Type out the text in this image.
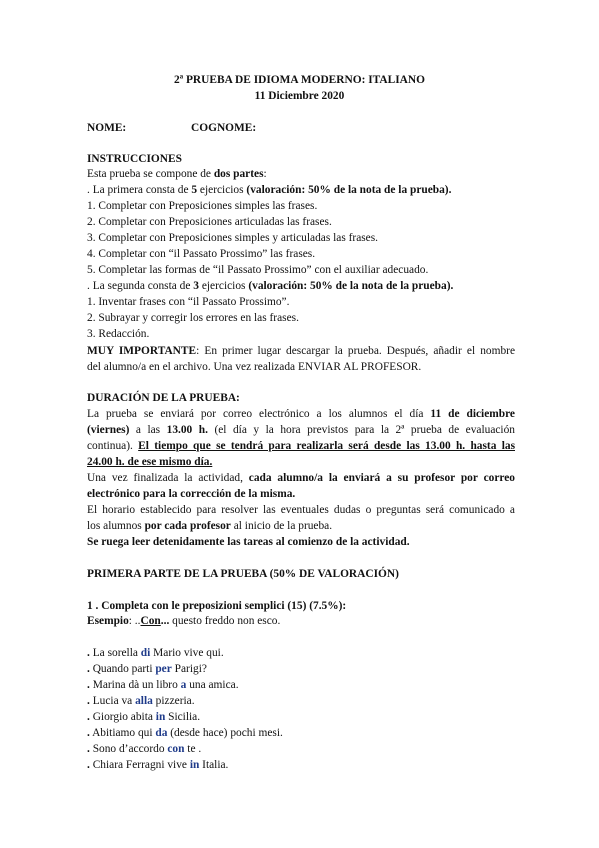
2ª PRUEBA DE IDIOMA MODERNO: ITALIANO
11 Diciembre 2020
NOME:	COGNOME:
INSTRUCCIONES
Esta prueba se compone de dos partes:
. La primera consta de 5 ejercicios (valoración: 50% de la nota de la prueba).
1. Completar con Preposiciones simples las frases.
2. Completar con Preposiciones articuladas las frases.
3. Completar con Preposiciones simples y articuladas las frases.
4. Completar con “il Passato Prossimo” las frases.
5. Completar las formas de “il Passato Prossimo” con el auxiliar adecuado.
. La segunda consta de 3 ejercicios (valoración: 50% de la nota de la prueba).
1. Inventar frases con “il Passato Prossimo”.
2. Subrayar y corregir los errores en las frases.
3. Redacción.
MUY IMPORTANTE: En primer lugar descargar la prueba. Después, añadir el nombre
del alumno/a en el archivo. Una vez realizada ENVIAR AL PROFESOR.
DURACIÓN DE LA PRUEBA:
La prueba se enviará por correo electrónico a los alumnos el día 11 de diciembre
(viernes) a las 13.00 h. (el día y la hora previstos para la 2ª prueba de evaluación
continua). El tiempo que se tendrá para realizarla será desde las 13.00 h. hasta las
24.00 h. de ese mismo día.
Una vez finalizada la actividad, cada alumno/a la enviará a su profesor por correo
electrónico para la corrección de la misma.
El horario establecido para resolver las eventuales dudas o preguntas será comunicado a
los alumnos por cada profesor al inicio de la prueba.
Se ruega leer detenidamente las tareas al comienzo de la actividad.
PRIMERA PARTE DE LA PRUEBA (50% DE VALORACIÓN)
1 . Completa con le preposizioni semplici (15) (7.5%):
Esempio: ..Con... questo freddo non esco.
. La sorella di Mario vive qui.
. Quando parti per Parigi?
. Marina dà un libro a una amica.
. Lucia va alla pizzeria.
. Giorgio abita in Sicilia.
. Abitiamo qui da (desde hace) pochi mesi.
. Sono d’accordo con te .
. Chiara Ferragni vive in Italia.
